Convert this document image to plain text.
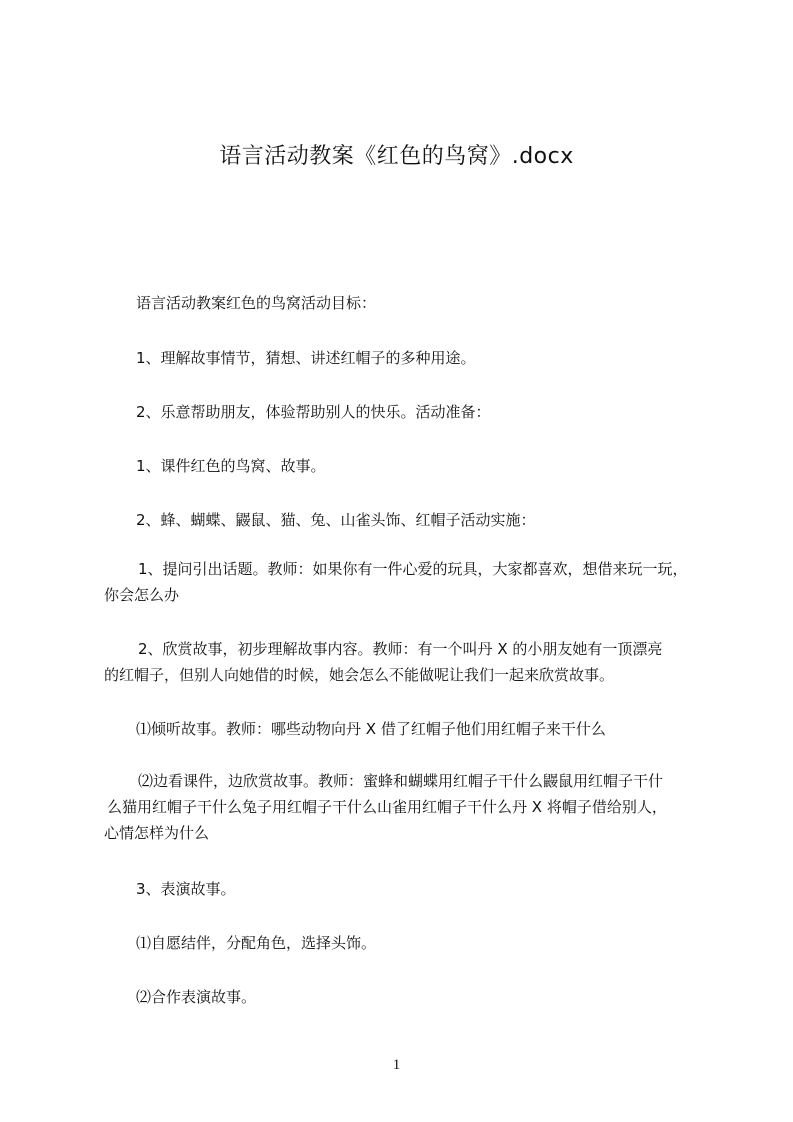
语言活动教案《红色的鸟窝》.docx
语言活动教案红色的鸟窝活动目标：
1、理解故事情节，猜想、讲述红帽子的多种用途。
2、乐意帮助朋友，体验帮助别人的快乐。活动准备：
1、课件红色的鸟窝、故事。
2、蜂、蝴蝶、鼹鼠、猫、兔、山雀头饰、红帽子活动实施：
1、提问引出话题。教师：如果你有一件心爱的玩具，大家都喜欢，想借来玩一玩，
你会怎么办
2、欣赏故事，初步理解故事内容。教师：有一个叫丹 X 的小朋友她有一顶漂亮
的红帽子，但别人向她借的时候，她会怎么不能做呢让我们一起来欣赏故事。
⑴倾听故事。教师：哪些动物向丹 X 借了红帽子他们用红帽子来干什么
⑵边看课件，边欣赏故事。教师：蜜蜂和蝴蝶用红帽子干什么鼹鼠用红帽子干什
么猫用红帽子干什么兔子用红帽子干什么山雀用红帽子干什么丹 X 将帽子借给别人，
心情怎样为什么
3、表演故事。
⑴自愿结伴，分配角色，选择头饰。
⑵合作表演故事。
1
